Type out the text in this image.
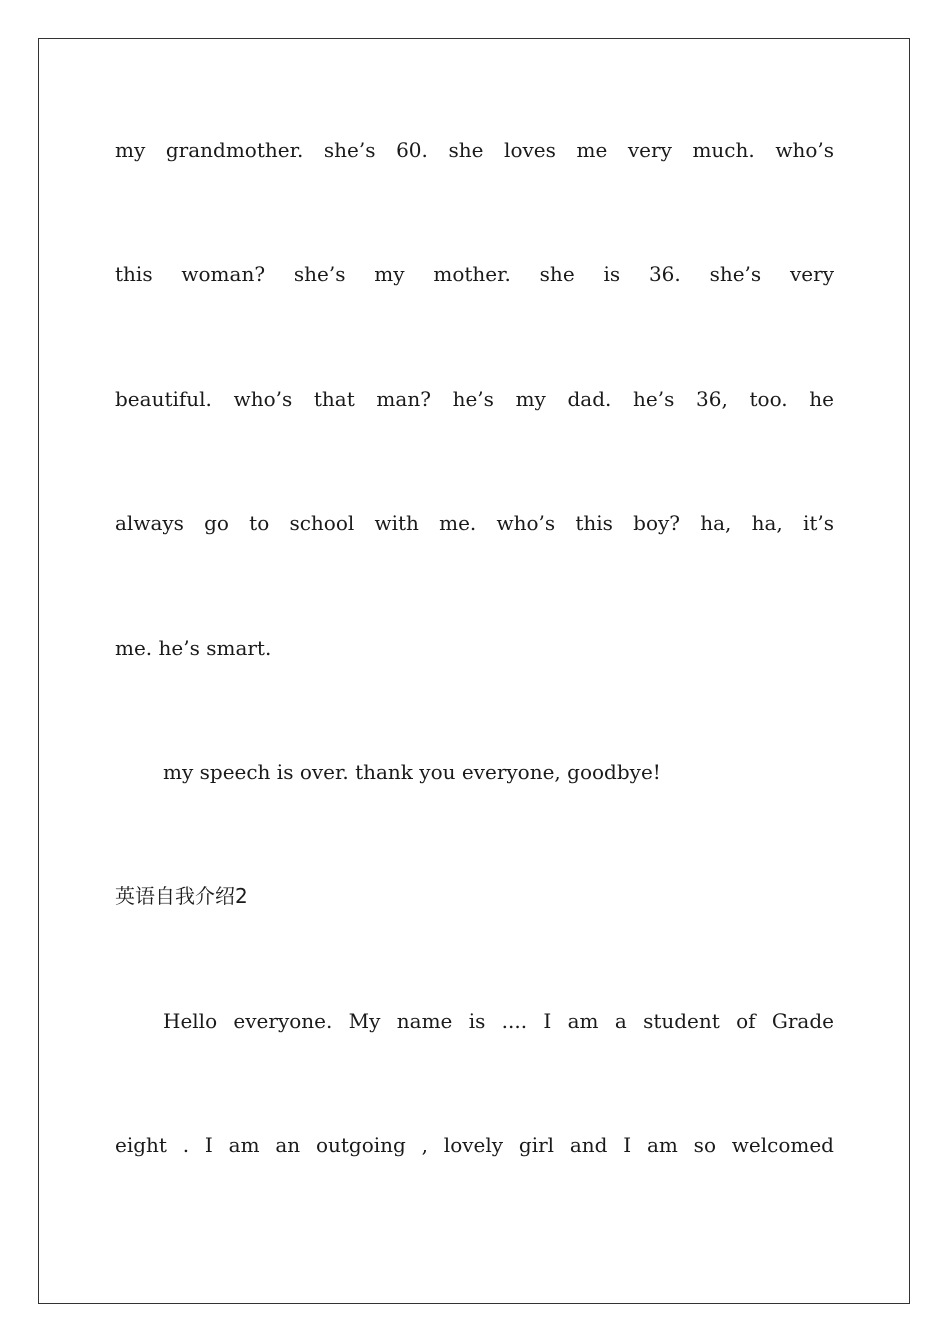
my grandmother. she’s 60. she loves me very much. who’s
this woman? she’s my mother. she is 36. she’s very
beautiful. who’s that man? he’s my dad. he’s 36, too. he
always go to school with me. who’s this boy? ha, ha, it’s
me. he’s smart.
my speech is over. thank you everyone, goodbye!
英语自我介绍2
Hello everyone. My name is .... I am a student of Grade
eight . I am an outgoing , lovely girl and I am so welcomed
